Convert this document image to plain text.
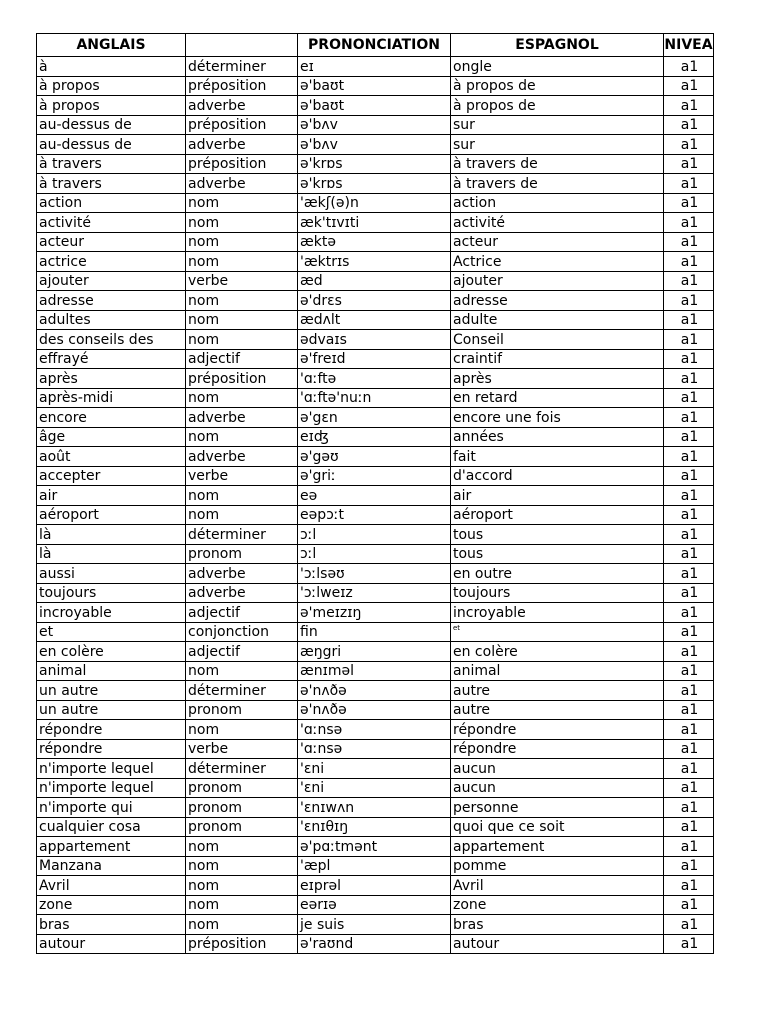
ANGLAIS		PRONONCIATION	ESPAGNOL	NIVEA
à	déterminer	eɪ	ongle	a1
à propos	préposition	ə'baʊt	à propos de	a1
à propos	adverbe	ə'baʊt	à propos de	a1
au-dessus de	préposition	ə'bʌv	sur	a1
au-dessus de	adverbe	ə'bʌv	sur	a1
à travers	préposition	ə'krɒs	à travers de	a1
à travers	adverbe	ə'krɒs	à travers de	a1
action	nom	'ækʃ(ə)n	action	a1
activité	nom	æk'tɪvɪti	activité	a1
acteur	nom	æktə	acteur	a1
actrice	nom	'æktrɪs	Actrice	a1
ajouter	verbe	æd	ajouter	a1
adresse	nom	ə'drɛs	adresse	a1
adultes	nom	ædʌlt	adulte	a1
des conseils des	nom	ədvaɪs	Conseil	a1
effrayé	adjectif	ə'freɪd	craintif	a1
après	préposition	'ɑːftə	après	a1
après-midi	nom	'ɑːftə'nuːn	en retard	a1
encore	adverbe	ə'gɛn	encore une fois	a1
âge	nom	eɪʤ	années	a1
août	adverbe	ə'gəʊ	fait	a1
accepter	verbe	ə'griː	d'accord	a1
air	nom	eə	air	a1
aéroport	nom	eəpɔːt	aéroport	a1
là	déterminer	ɔːl	tous	a1
là	pronom	ɔːl	tous	a1
aussi	adverbe	'ɔːlsəʊ	en outre	a1
toujours	adverbe	'ɔːlweɪz	toujours	a1
incroyable	adjectif	ə'meɪzɪŋ	incroyable	a1
et	conjonction	fin	et	a1
en colère	adjectif	æŋgri	en colère	a1
animal	nom	ænɪməl	animal	a1
un autre	déterminer	ə'nʌðə	autre	a1
un autre	pronom	ə'nʌðə	autre	a1
répondre	nom	'ɑːnsə	répondre	a1
répondre	verbe	'ɑːnsə	répondre	a1
n'importe lequel	déterminer	'ɛni	aucun	a1
n'importe lequel	pronom	'ɛni	aucun	a1
n'importe qui	pronom	'ɛnɪwʌn	personne	a1
cualquier cosa	pronom	'ɛnɪθɪŋ	quoi que ce soit	a1
appartement	nom	ə'pɑːtmənt	appartement	a1
Manzana	nom	'æpl	pomme	a1
Avril	nom	eɪprəl	Avril	a1
zone	nom	eərɪə	zone	a1
bras	nom	je suis	bras	a1
autour	préposition	ə'raʊnd	autour	a1
